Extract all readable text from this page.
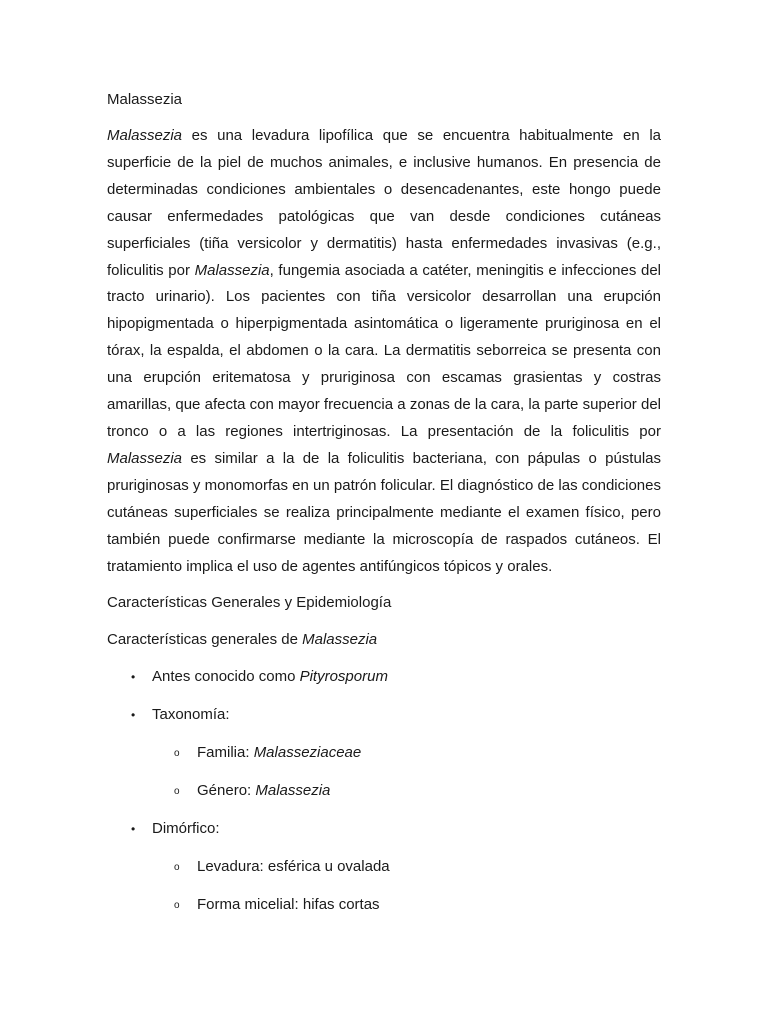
Malassezia

Malassezia es una levadura lipofílica que se encuentra habitualmente en la superficie de la piel de muchos animales, e inclusive humanos. En presencia de determinadas condiciones ambientales o desencadenantes, este hongo puede causar enfermedades patológicas que van desde condiciones cutáneas superficiales (tiña versicolor y dermatitis) hasta enfermedades invasivas (e.g., foliculitis por Malassezia, fungemia asociada a catéter, meningitis e infecciones del tracto urinario). Los pacientes con tiña versicolor desarrollan una erupción hipopigmentada o hiperpigmentada asintomática o ligeramente pruriginosa en el tórax, la espalda, el abdomen o la cara. La dermatitis seborreica se presenta con una erupción eritematosa y pruriginosa con escamas grasientas y costras amarillas, que afecta con mayor frecuencia a zonas de la cara, la parte superior del tronco o a las regiones intertriginosas. La presentación de la foliculitis por Malassezia es similar a la de la foliculitis bacteriana, con pápulas o pústulas pruriginosas y monomorfas en un patrón folicular. El diagnóstico de las condiciones cutáneas superficiales se realiza principalmente mediante el examen físico, pero también puede confirmarse mediante la microscopía de raspados cutáneos. El tratamiento implica el uso de agentes antifúngicos tópicos y orales.

Características Generales y Epidemiología
Características generales de Malassezia
• Antes conocido como Pityrosporum
• Taxonomía:
o Familia: Malasseziaceae
o Género: Malassezia
• Dimórfico:
o Levadura: esférica u ovalada
o Forma micelial: hifas cortas
